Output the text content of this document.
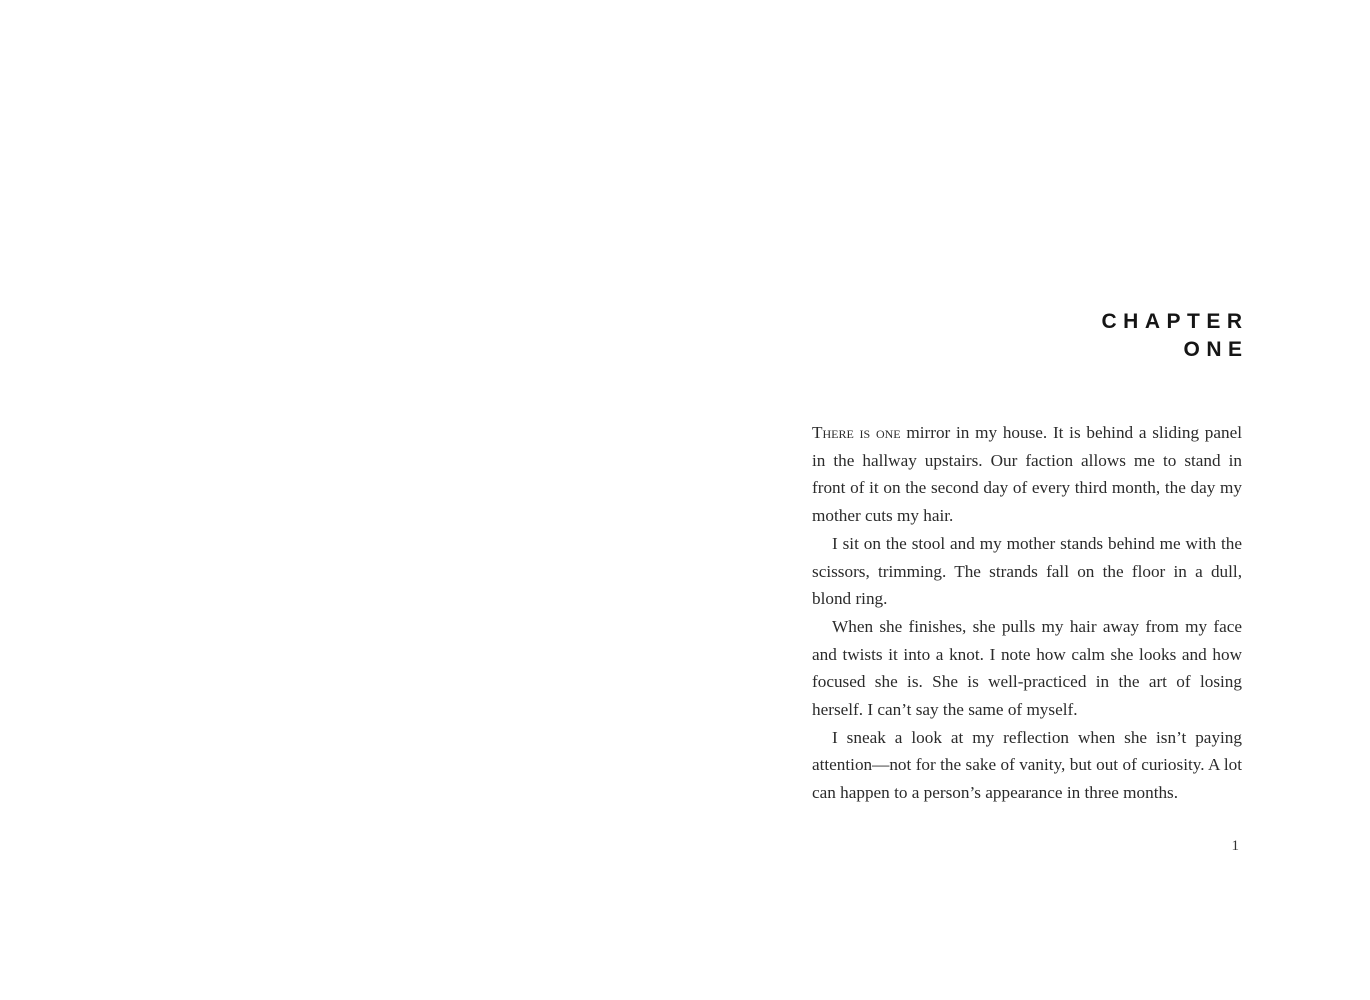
CHAPTER
ONE

There is one mirror in my house. It is behind a sliding panel in the hallway upstairs. Our faction allows me to stand in front of it on the second day of every third month, the day my mother cuts my hair.

I sit on the stool and my mother stands behind me with the scissors, trimming. The strands fall on the floor in a dull, blond ring.

When she finishes, she pulls my hair away from my face and twists it into a knot. I note how calm she looks and how focused she is. She is well-practiced in the art of losing herself. I can’t say the same of myself.

I sneak a look at my reflection when she isn’t paying attention—not for the sake of vanity, but out of curiosity. A lot can happen to a person’s appearance in three months.

1
